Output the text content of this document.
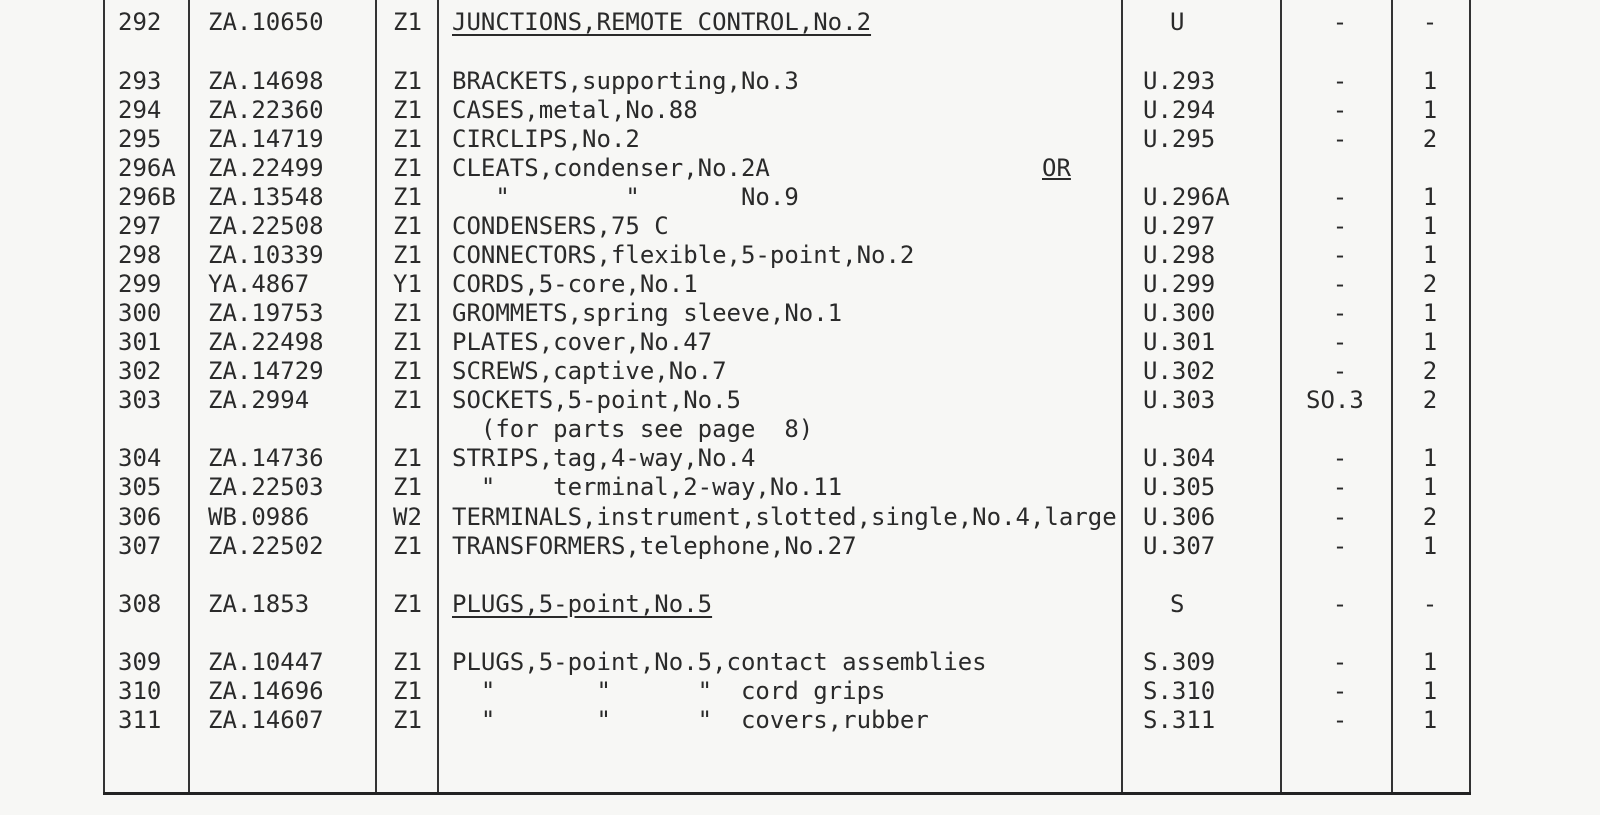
292 ZA.10650	Z1 JUNCTIONS,REMOTE CONTROL,No.2	U	-	-
293 ZA.14698	Z1 BRACKETS,supporting,No.3	U.293	-	1
294 ZA.22360	Z1 CASES,metal,No.88	U.294	-	1
295 ZA.14719	Z1 CIRCLIPS,No.2	U.295	-	2
296A ZA.22499	Z1 CLEATS,condenser,No.2A	OR
296B ZA.13548	Z1 "        "       No.9	U.296A	-	1
297 ZA.22508	Z1 CONDENSERS,75 C	U.297	-	1
298 ZA.10339	Z1 CONNECTORS,flexible,5-point,No.2	U.298	-	1
299 YA.4867	Y1 CORDS,5-core,No.1	U.299	-	2
300 ZA.19753	Z1 GROMMETS,spring sleeve,No.1	U.300	-	1
301 ZA.22498	Z1 PLATES,cover,No.47	U.301	-	1
302 ZA.14729	Z1 SCREWS,captive,No.7	U.302	-	2
303 ZA.2994	Z1 SOCKETS,5-point,No.5	U.303	SO.3	2
(for parts see page  8)
304 ZA.14736	Z1 STRIPS,tag,4-way,No.4	U.304	-	1
305 ZA.22503	Z1 "    terminal,2-way,No.11	U.305	-	1
306 WB.0986	W2 TERMINALS,instrument,slotted,single,No.4,large U.306	-	2
307 ZA.22502	Z1 TRANSFORMERS,telephone,No.27	U.307	-	1
308 ZA.1853	Z1 PLUGS,5-point,No.5	S	-	-
309 ZA.10447	Z1 PLUGS,5-point,No.5,contact assemblies	S.309	-	1
310 ZA.14696	Z1 "       "      "  cord grips	S.310	-	1
311 ZA.14607	Z1 "       "      "  covers,rubber	S.311	-	1
